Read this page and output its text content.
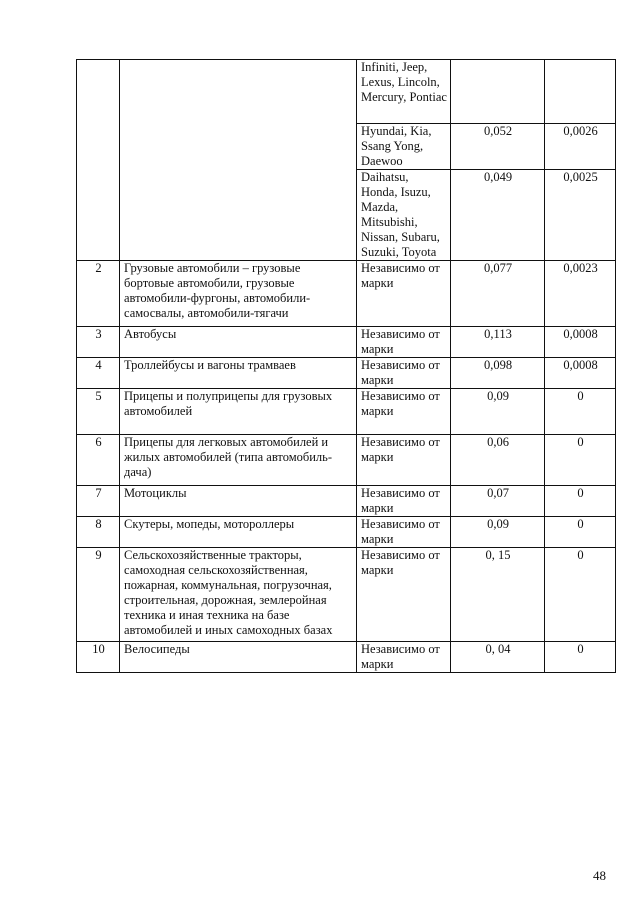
		Infiniti, Jeep, Lexus, Lincoln, Mercury, Pontiac		
		Hyundai, Kia, Ssang Yong, Daewoo	0,052	0,0026
		Daihatsu, Honda, Isuzu, Mazda, Mitsubishi, Nissan, Subaru, Suzuki, Toyota	0,049	0,0025
2	Грузовые автомобили – грузовые бортовые автомобили, грузовые автомобили-фургоны, автомобили-самосвалы, автомобили-тягачи	Независимо от марки	0,077	0,0023
3	Автобусы	Независимо от марки	0,113	0,0008
4	Троллейбусы и вагоны трамваев	Независимо от марки	0,098	0,0008
5	Прицепы и полуприцепы для грузовых автомобилей	Независимо от марки	0,09	0
6	Прицепы для легковых автомобилей и жилых автомобилей (типа автомобиль-дача)	Независимо от марки	0,06	0
7	Мотоциклы	Независимо от марки	0,07	0
8	Скутеры, мопеды, мотороллеры	Независимо от марки	0,09	0
9	Сельскохозяйственные тракторы, самоходная сельскохозяйственная, пожарная, коммунальная, погрузочная, строительная, дорожная, землеройная техника и иная техника на базе автомобилей и иных самоходных базах	Независимо от марки	0, 15	0
10	Велосипеды	Независимо от марки	0, 04	0
48
